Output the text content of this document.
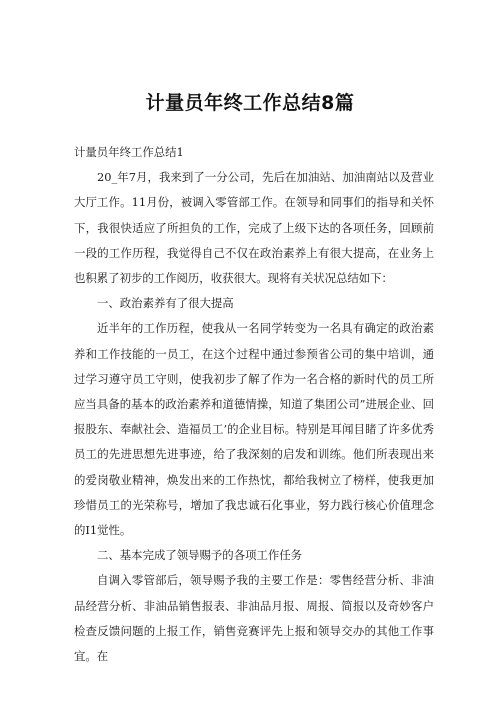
计量员年终工作总结8篇

计量员年终工作总结1

20_年7月，我来到了一分公司，先后在加油站、加油南站以及营业大厅工作。11月份，被调入零管部工作。在领导和同事们的指导和关怀下，我很快适应了所担负的工作，完成了上级下达的各项任务，回顾前一段的工作历程，我觉得自己不仅在政治素养上有很大提高，在业务上也积累了初步的工作阅历，收获很大。现将有关状况总结如下：

一、政治素养有了很大提高

近半年的工作历程，使我从一名同学转变为一名具有确定的政治素养和工作技能的一员工，在这个过程中通过参预省公司的集中培训，通过学习遵守员工守则，使我初步了解了作为一名合格的新时代的员工所应当具备的基本的政治素养和道德情操，知道了集团公司”进展企业、回报股东、奉献社会、造福员工’的企业目标。特别是耳闻目睹了许多优秀员工的先进思想先进事迹，给了我深刻的启发和训练。他们所表现出来的爱岗敬业精神，焕发出来的工作热忱，都给我树立了榜样，使我更加珍惜员工的光荣称号，增加了我忠诚石化事业，努力践行核心价值理念的I1觉性。

二、基本完成了领导赐予的各项工作任务

自调入零管部后，领导赐予我的主要工作是：零售经营分析、非油品经营分析、非油品销售报表、非油品月报、周报、简报以及奇妙客户检查反馈问题的上报工作，销售竞赛评先上报和领导交办的其他工作事宜。在
